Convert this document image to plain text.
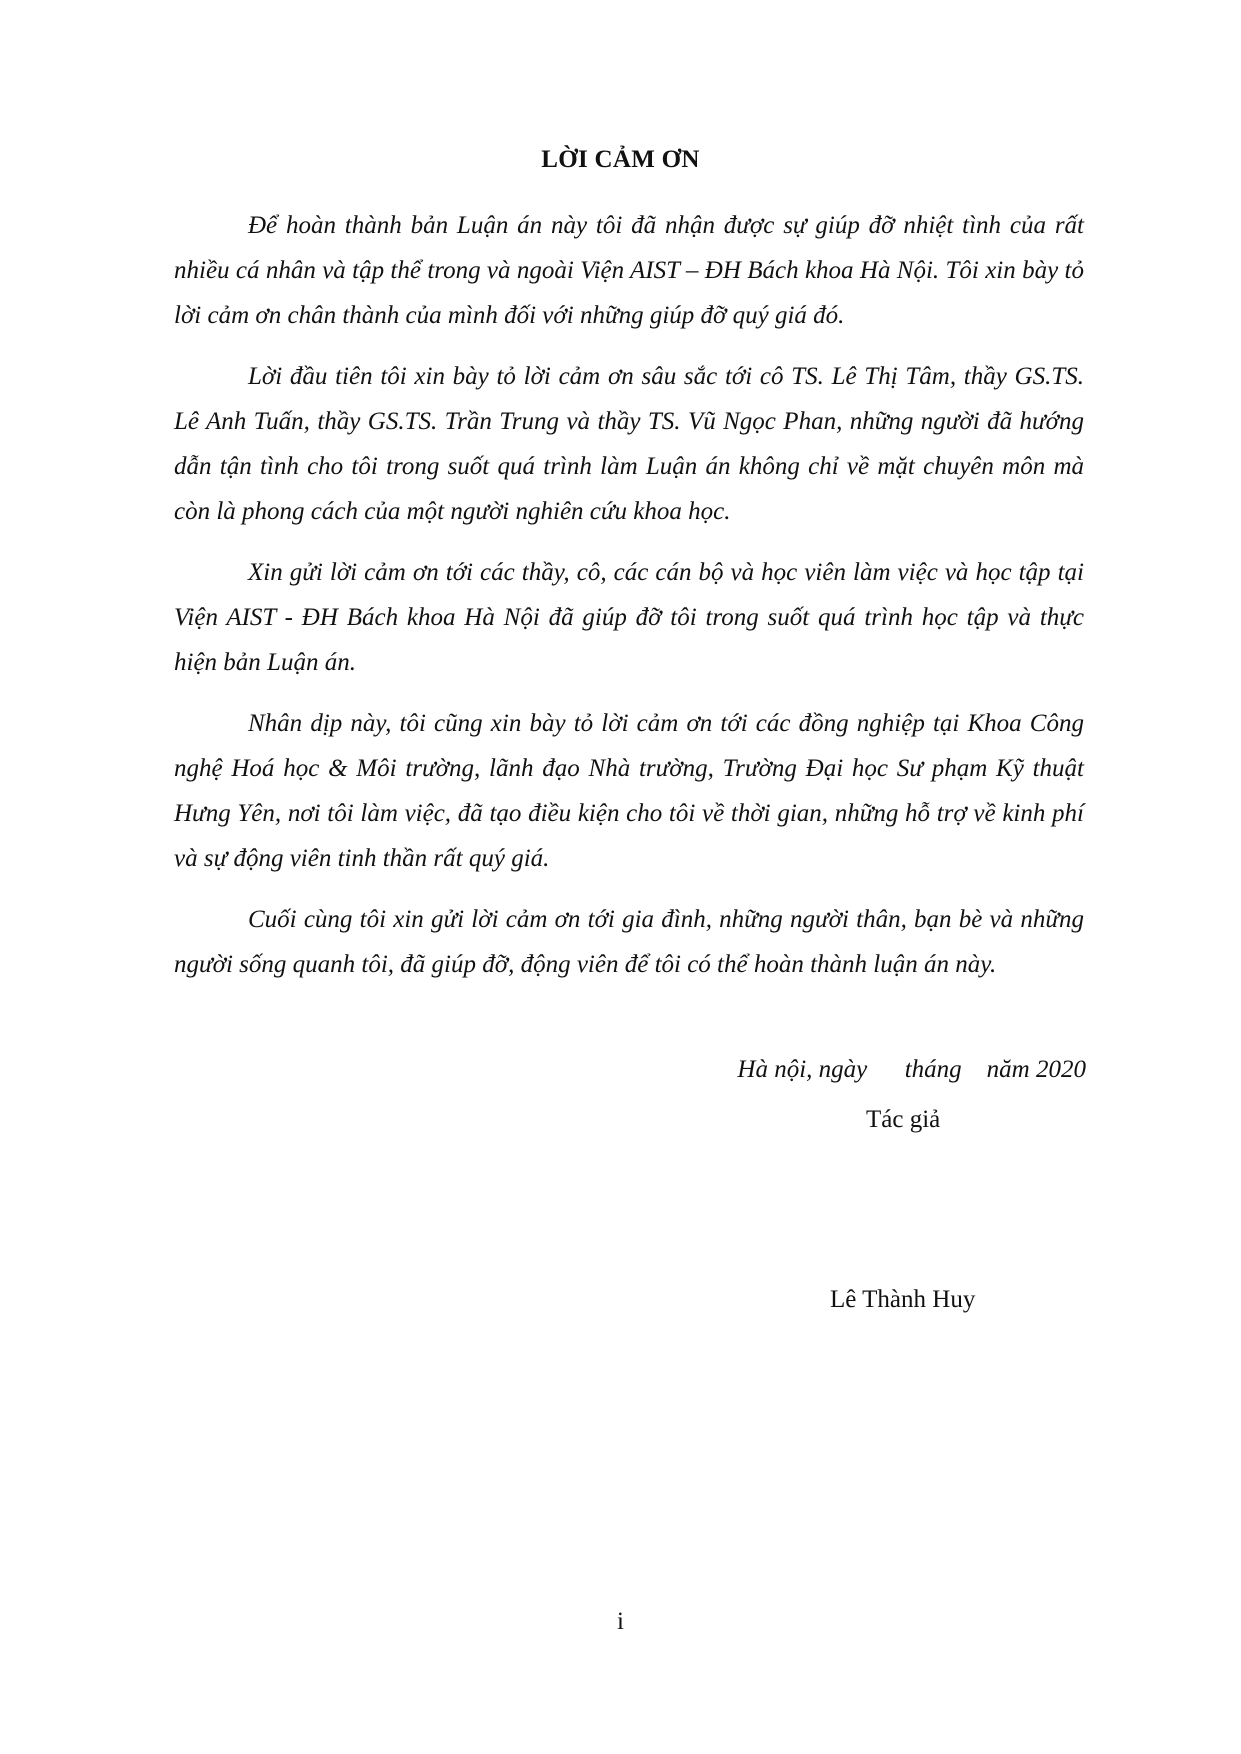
LỜI CẢM ƠN

Để hoàn thành bản Luận án này tôi đã nhận được sự giúp đỡ nhiệt tình của rất nhiều cá nhân và tập thể trong và ngoài Viện AIST – ĐH Bách khoa Hà Nội. Tôi xin bày tỏ lời cảm ơn chân thành của mình đối với những giúp đỡ quý giá đó.

Lời đầu tiên tôi xin bày tỏ lời cảm ơn sâu sắc tới cô TS. Lê Thị Tâm, thầy GS.TS. Lê Anh Tuấn, thầy GS.TS. Trần Trung và thầy TS. Vũ Ngọc Phan, những người đã hướng dẫn tận tình cho tôi trong suốt quá trình làm Luận án không chỉ về mặt chuyên môn mà còn là phong cách của một người nghiên cứu khoa học.

Xin gửi lời cảm ơn tới các thầy, cô, các cán bộ và học viên làm việc và học tập tại Viện AIST - ĐH Bách khoa Hà Nội đã giúp đỡ tôi trong suốt quá trình học tập và thực hiện bản Luận án.

Nhân dịp này, tôi cũng xin bày tỏ lời cảm ơn tới các đồng nghiệp tại Khoa Công nghệ Hoá học & Môi trường, lãnh đạo Nhà trường, Trường Đại học Sư phạm Kỹ thuật Hưng Yên, nơi tôi làm việc, đã tạo điều kiện cho tôi về thời gian, những hỗ trợ về kinh phí và sự động viên tinh thần rất quý giá.

Cuối cùng tôi xin gửi lời cảm ơn tới gia đình, những người thân, bạn bè và những người sống quanh tôi, đã giúp đỡ, động viên để tôi có thể hoàn thành luận án này.

Hà nội, ngày      tháng    năm 2020
Tác giả
Lê Thành Huy
i
